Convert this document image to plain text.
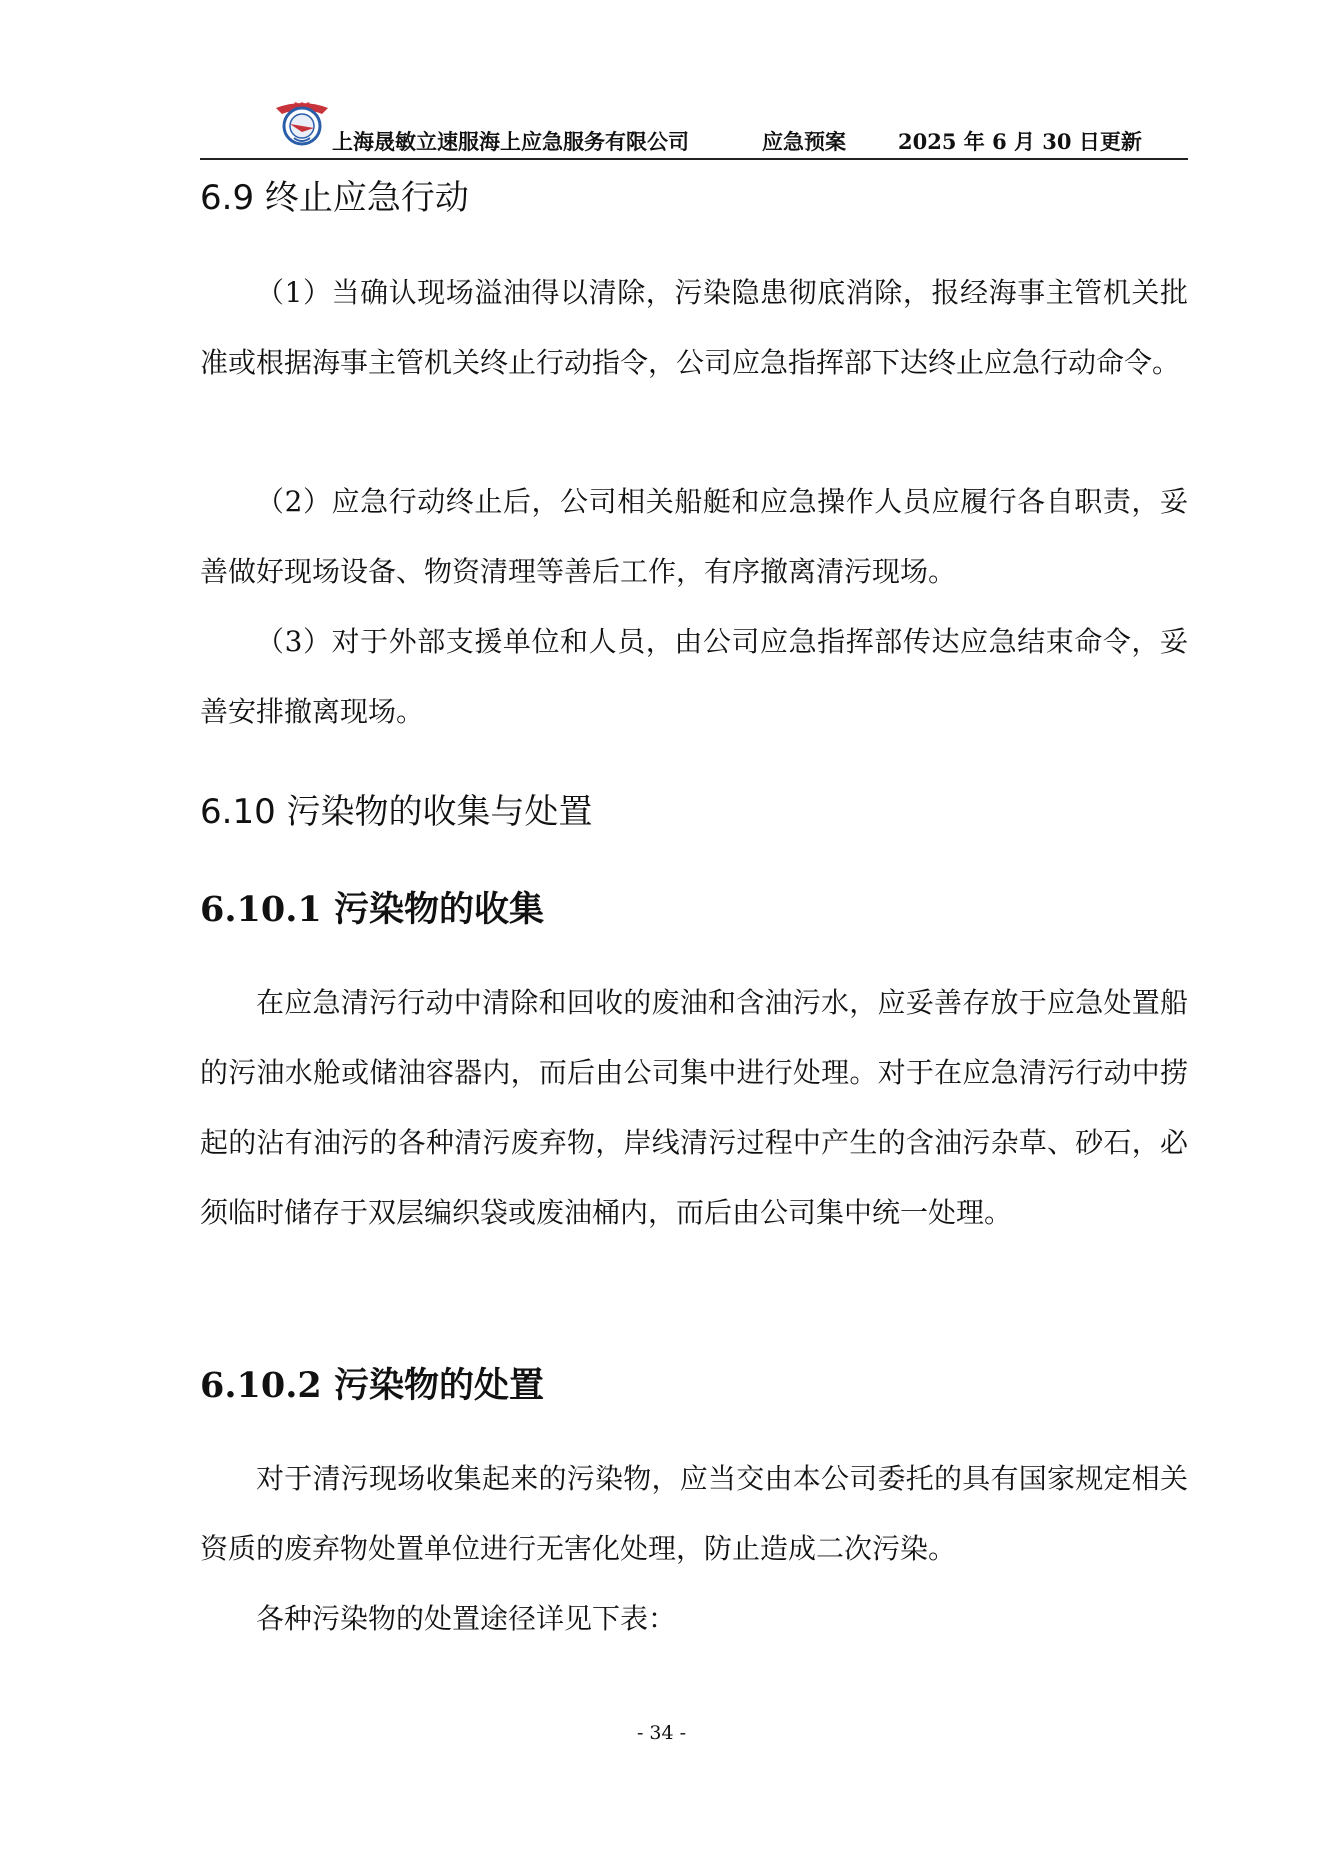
★ ★ ★
上海晟敏立速服海上应急服务有限公司	应急预案 2025 年 6 月 30 日更新
6.9 终止应急行动

（1）当确认现场溢油得以清除，污染隐患彻底消除，报经海事主管机关批准或根据海事主管机关终止行动指令，公司应急指挥部下达终止应急行动命令。

（2）应急行动终止后，公司相关船艇和应急操作人员应履行各自职责，妥善做好现场设备、物资清理等善后工作，有序撤离清污现场。

（3）对于外部支援单位和人员，由公司应急指挥部传达应急结束命令，妥善安排撤离现场。

6.10 污染物的收集与处置
6.10.1 污染物的收集

在应急清污行动中清除和回收的废油和含油污水，应妥善存放于应急处置船的污油水舱或储油容器内，而后由公司集中进行处理。对于在应急清污行动中捞起的沾有油污的各种清污废弃物，岸线清污过程中产生的含油污杂草、砂石，必须临时储存于双层编织袋或废油桶内，而后由公司集中统一处理。

6.10.2 污染物的处置

对于清污现场收集起来的污染物，应当交由本公司委托的具有国家规定相关资质的废弃物处置单位进行无害化处理，防止造成二次污染。

各种污染物的处置途径详见下表：

- 34 -
